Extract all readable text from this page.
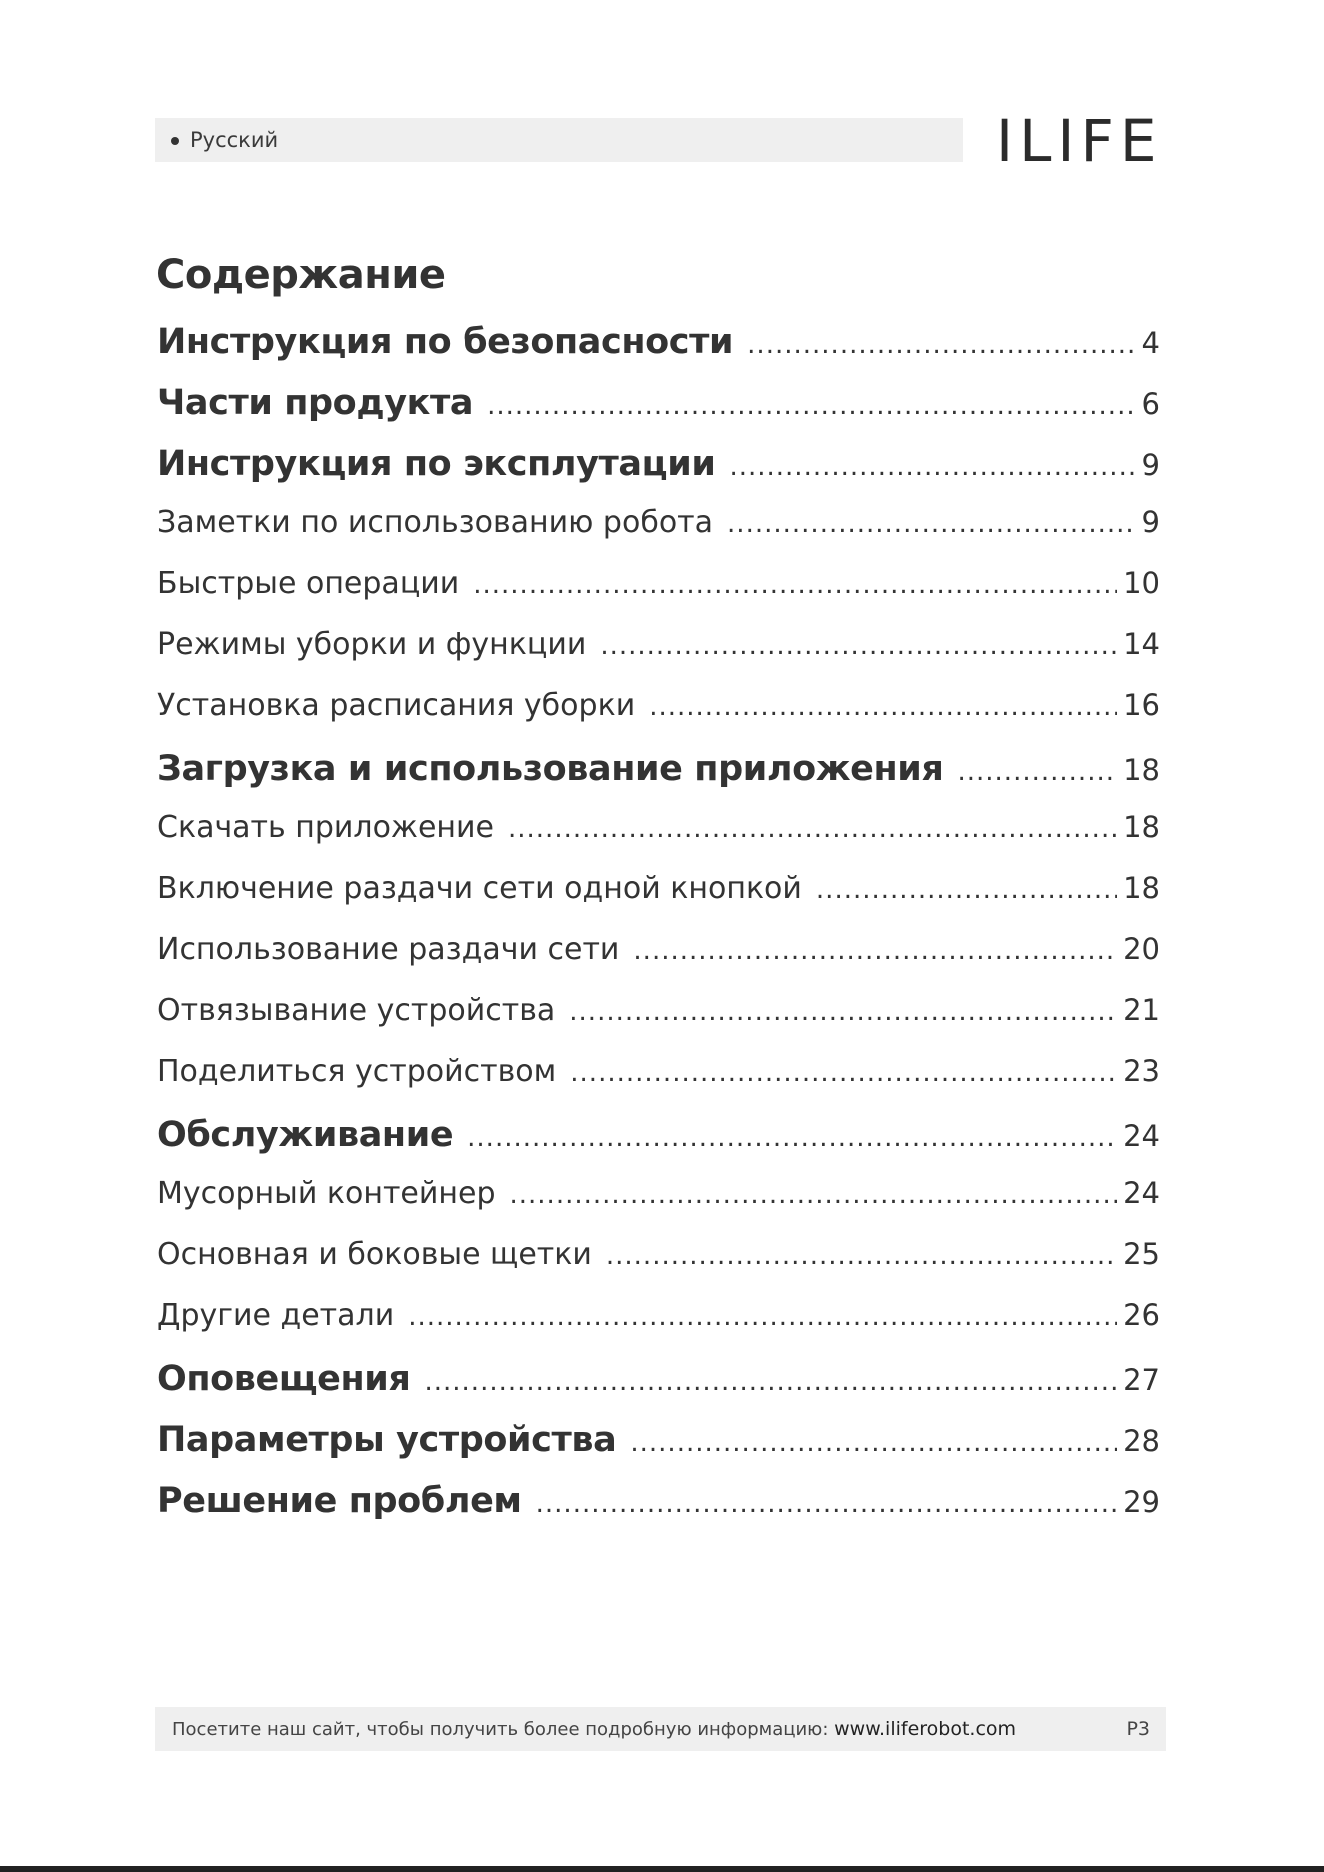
Русский	ILIFE
Содержание
Инструкция по безопасности .....	4
Части продукта .....	6
Инструкция по эксплутации .....	9
Заметки по использованию робота .....	9
Быстрые операции .....	10
Режимы уборки и функции .....	14
Установка расписания уборки .....	16
Загрузка и использование приложения .....	18
Скачать приложение .....	18
Включение раздачи сети одной кнопкой .....	18
Использование раздачи сети .....	20
Отвязывание устройства .....	21
Поделиться устройством .....	23
Обслуживание .....	24
Мусорный контейнер .....	24
Основная и боковые щетки .....	25
Другие детали .....	26
Оповещения .....	27
Параметры устройства .....	28
Решение проблем .....	29
Посетите наш сайт, чтобы получить более подробную информацию: www.iliferobot.com	P3
